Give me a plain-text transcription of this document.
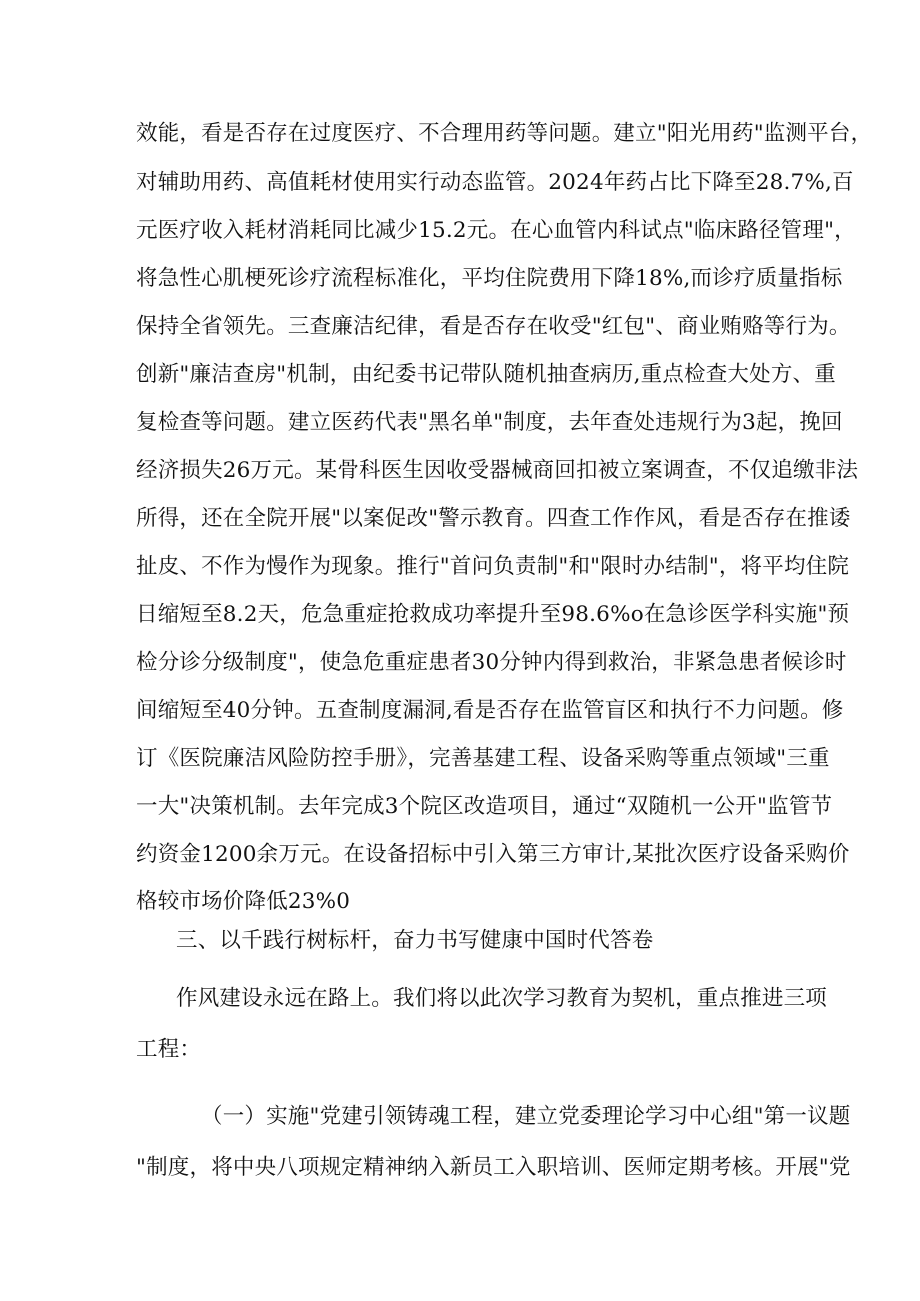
效能，看是否存在过度医疗、不合理用药等问题。建立"阳光用药"监测平台，
对辅助用药、高值耗材使用实行动态监管。2024年药占比下降至28.7%,百
元医疗收入耗材消耗同比减少15.2元。在心血管内科试点"临床路径管理"，
将急性心肌梗死诊疗流程标准化，平均住院费用下降18%,而诊疗质量指标
保持全省领先。三查廉洁纪律，看是否存在收受"红包"、商业贿赂等行为。
创新"廉洁查房"机制，由纪委书记带队随机抽查病历,重点检查大处方、重
复检查等问题。建立医药代表"黑名单"制度，去年查处违规行为3起，挽回
经济损失26万元。某骨科医生因收受器械商回扣被立案调查，不仅追缴非法
所得，还在全院开展"以案促改"警示教育。四查工作作风，看是否存在推诿
扯皮、不作为慢作为现象。推行"首问负责制"和"限时办结制"，将平均住院
日缩短至8.2天，危急重症抢救成功率提升至98.6%o在急诊医学科实施"预
检分诊分级制度"，使急危重症患者30分钟内得到救治，非紧急患者候诊时
间缩短至40分钟。五查制度漏洞,看是否存在监管盲区和执行不力问题。修
订《医院廉洁风险防控手册》，完善基建工程、设备采购等重点领域"三重
一大"决策机制。去年完成3个院区改造项目，通过“双随机一公开"监管节
约资金1200余万元。在设备招标中引入第三方审计,某批次医疗设备采购价
格较市场价降低23%0
三、以千践行树标杆，奋力书写健康中国时代答卷
作风建设永远在路上。我们将以此次学习教育为契机，重点推进三项
工程：
（一）实施"党建引领铸魂工程，建立党委理论学习中心组"第一议题
"制度，将中央八项规定精神纳入新员工入职培训、医师定期考核。开展"党
